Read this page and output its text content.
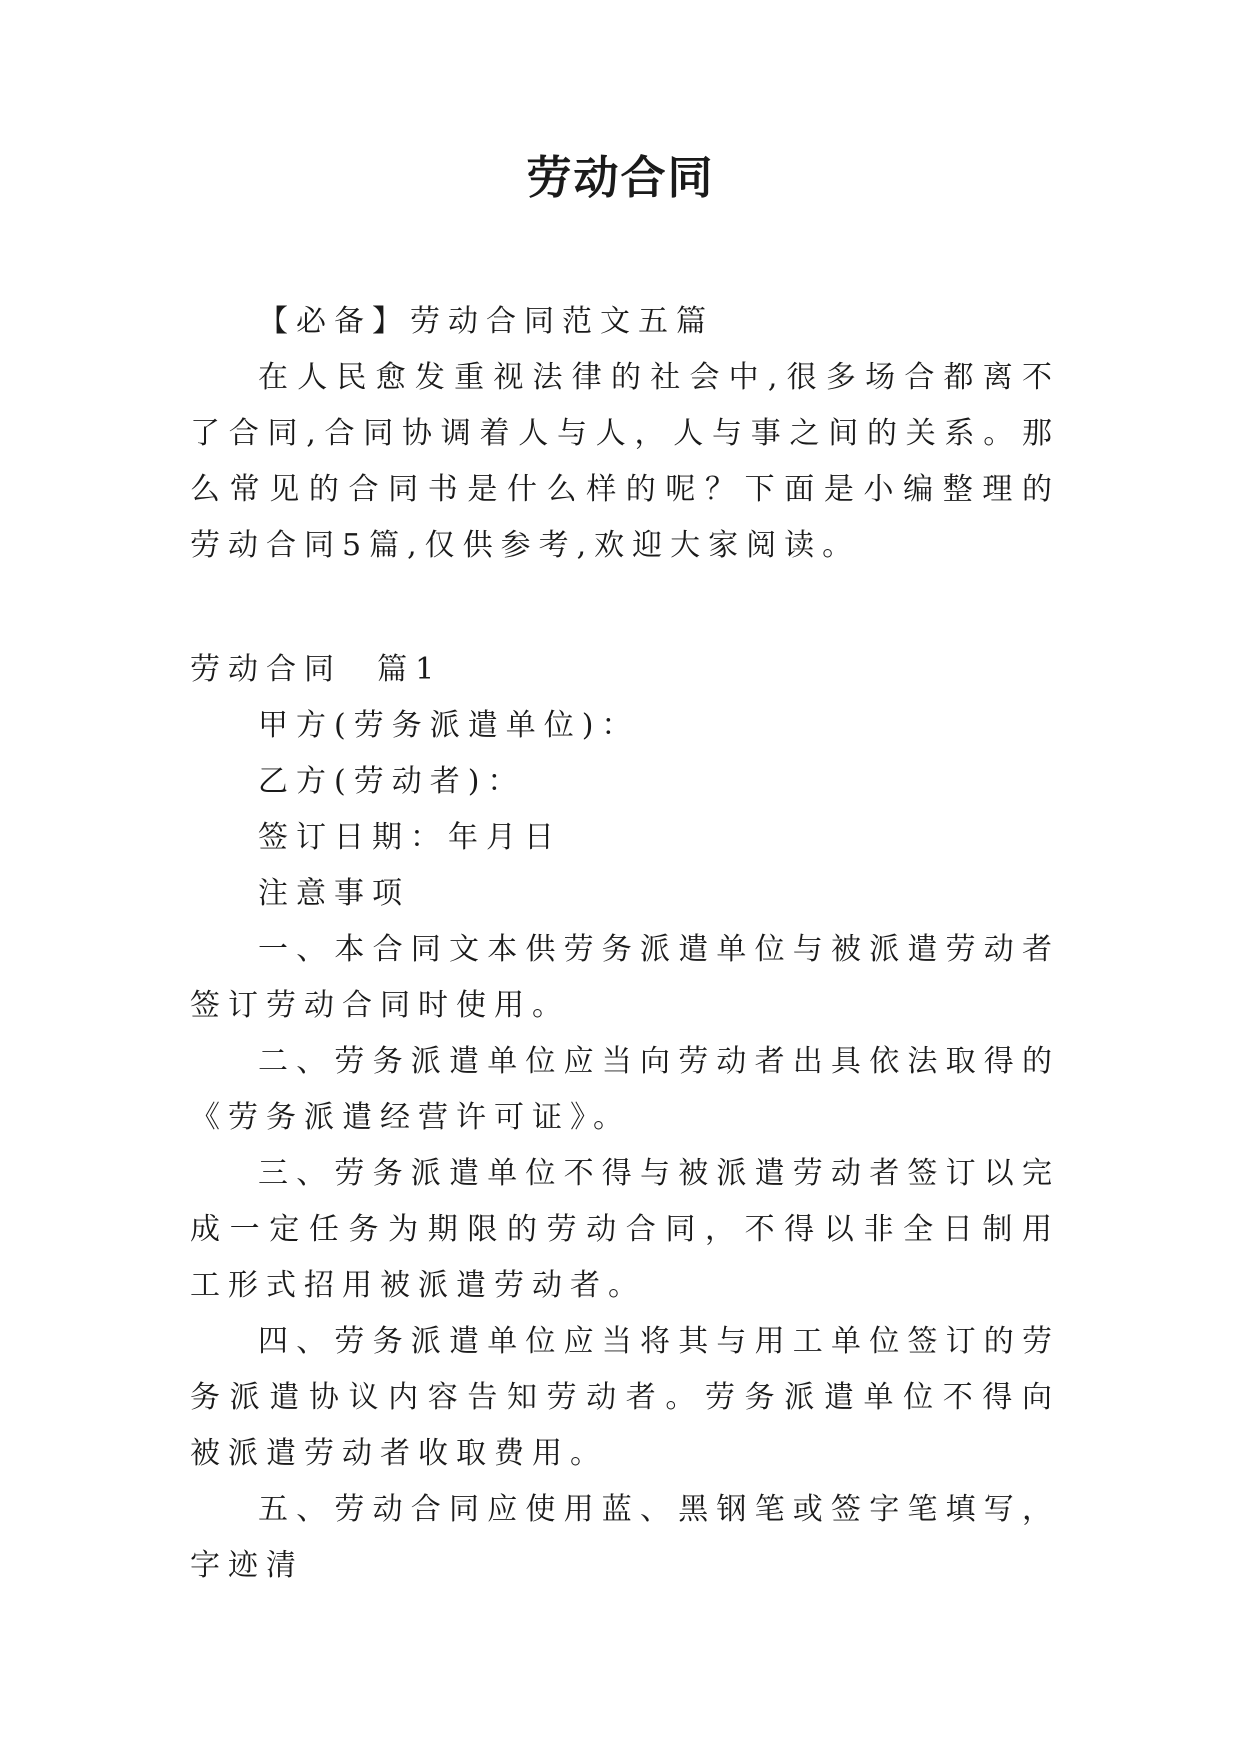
劳动合同

【必备】劳动合同范文五篇

在人民愈发重视法律的社会中,很多场合都离不了合同,合同协调着人与人，人与事之间的关系。那么常见的合同书是什么样的呢？下面是小编整理的劳动合同5篇,仅供参考,欢迎大家阅读。

劳动合同  篇1

甲方(劳务派遣单位)：

乙方(劳动者)：

签订日期：年月日

注意事项

一、本合同文本供劳务派遣单位与被派遣劳动者签订劳动合同时使用。

二、劳务派遣单位应当向劳动者出具依法取得的《劳务派遣经营许可证》。

三、劳务派遣单位不得与被派遣劳动者签订以完成一定任务为期限的劳动合同，不得以非全日制用工形式招用被派遣劳动者。

四、劳务派遣单位应当将其与用工单位签订的劳务派遣协议内容告知劳动者。劳务派遣单位不得向被派遣劳动者收取费用。

五、劳动合同应使用蓝、黑钢笔或签字笔填写，字迹清
